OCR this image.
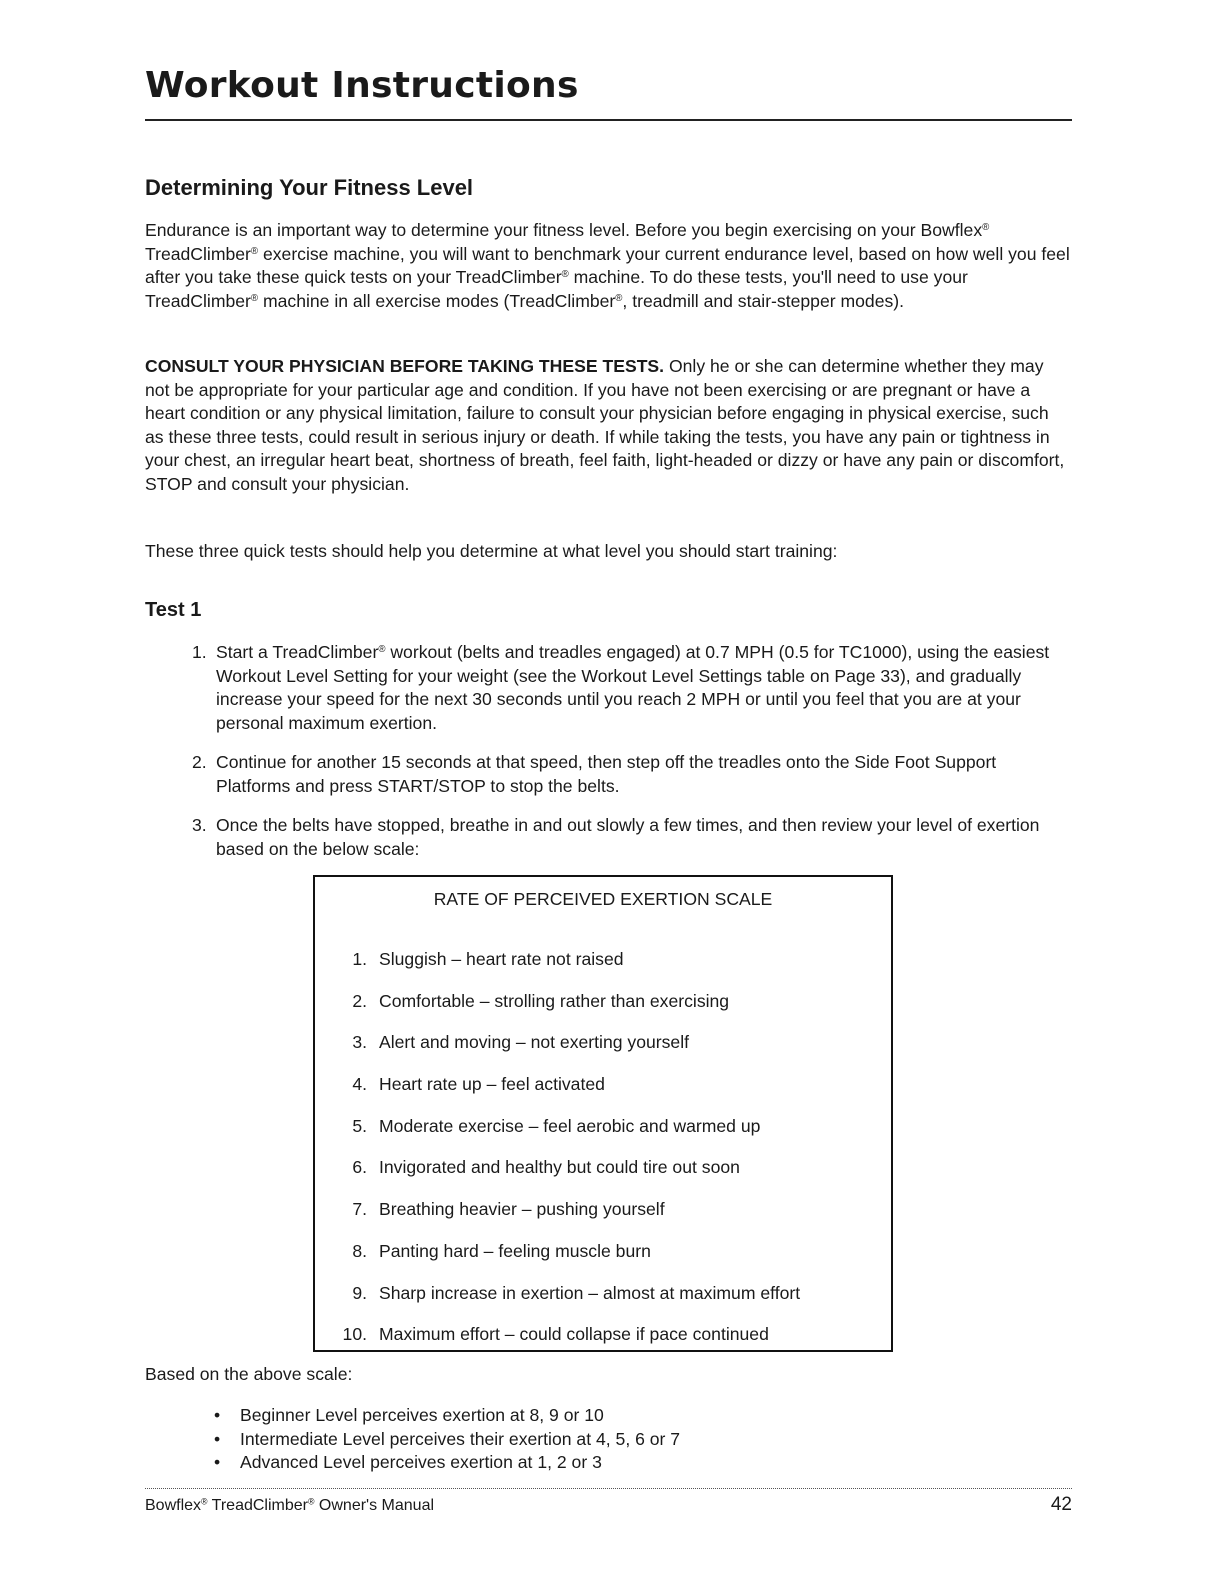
Workout Instructions
Determining Your Fitness Level

Endurance is an important way to determine your fitness level. Before you begin exercising on your Bowflex® TreadClimber® exercise machine, you will want to benchmark your current endurance level, based on how well you feel after you take these quick tests on your TreadClimber® machine. To do these tests, you'll need to use your TreadClimber® machine in all exercise modes (TreadClimber®, treadmill and stair-stepper modes).

CONSULT YOUR PHYSICIAN BEFORE TAKING THESE TESTS. Only he or she can determine whether they may not be appropriate for your particular age and condition. If you have not been exercising or are pregnant or have a heart condition or any physical limitation, failure to consult your physician before engaging in physical exercise, such as these three tests, could result in serious injury or death. If while taking the tests, you have any pain or tightness in your chest, an irregular heart beat, shortness of breath, feel faith, light-headed or dizzy or have any pain or discomfort, STOP and consult your physician.

These three quick tests should help you determine at what level you should start training:

Test 1
1. Start a TreadClimber® workout (belts and treadles engaged) at 0.7 MPH (0.5 for TC1000), using the easiest Workout Level Setting for your weight (see the Workout Level Settings table on Page 33), and gradually increase your speed for the next 30 seconds until you reach 2 MPH or until you feel that you are at your personal maximum exertion.
2. Continue for another 15 seconds at that speed, then step off the treadles onto the Side Foot Support Platforms and press START/STOP to stop the belts.
3. Once the belts have stopped, breathe in and out slowly a few times, and then review your level of exertion based on the below scale:
RATE OF PERCEIVED EXERTION SCALE
1. Sluggish – heart rate not raised
2. Comfortable – strolling rather than exercising
3. Alert and moving – not exerting yourself
4. Heart rate up – feel activated
5. Moderate exercise – feel aerobic and warmed up
6. Invigorated and healthy but could tire out soon
7. Breathing heavier – pushing yourself
8. Panting hard – feeling muscle burn
9. Sharp increase in exertion – almost at maximum effort
10. Maximum effort – could collapse if pace continued

Based on the above scale:

•	Beginner Level perceives exertion at 8, 9 or 10
•	Intermediate Level perceives their exertion at 4, 5, 6 or 7
•	Advanced Level perceives exertion at 1, 2 or 3
Bowflex® TreadClimber® Owner's Manual	42
